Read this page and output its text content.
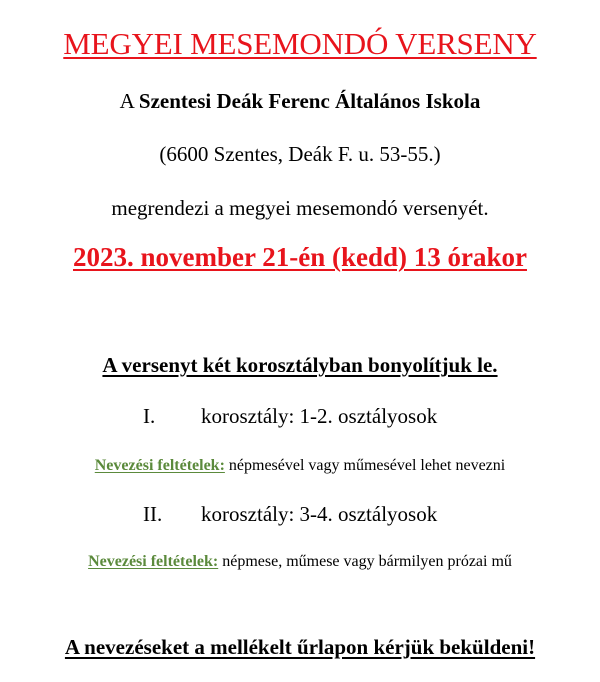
MEGYEI MESEMONDÓ VERSENY
A Szentesi Deák Ferenc Általános Iskola
(6600 Szentes, Deák F. u. 53-55.)
megrendezi a megyei mesemondó versenyét.
2023. november 21-én (kedd) 13 órakor
A versenyt két korosztályban bonyolítjuk le.
I. korosztály: 1-2. osztályosok
Nevezési feltételek: népmesével vagy műmesével lehet nevezni
II. korosztály: 3-4. osztályosok
Nevezési feltételek: népmese, műmese vagy bármilyen prózai mű
A nevezéseket a mellékelt űrlapon kérjük beküldeni!
